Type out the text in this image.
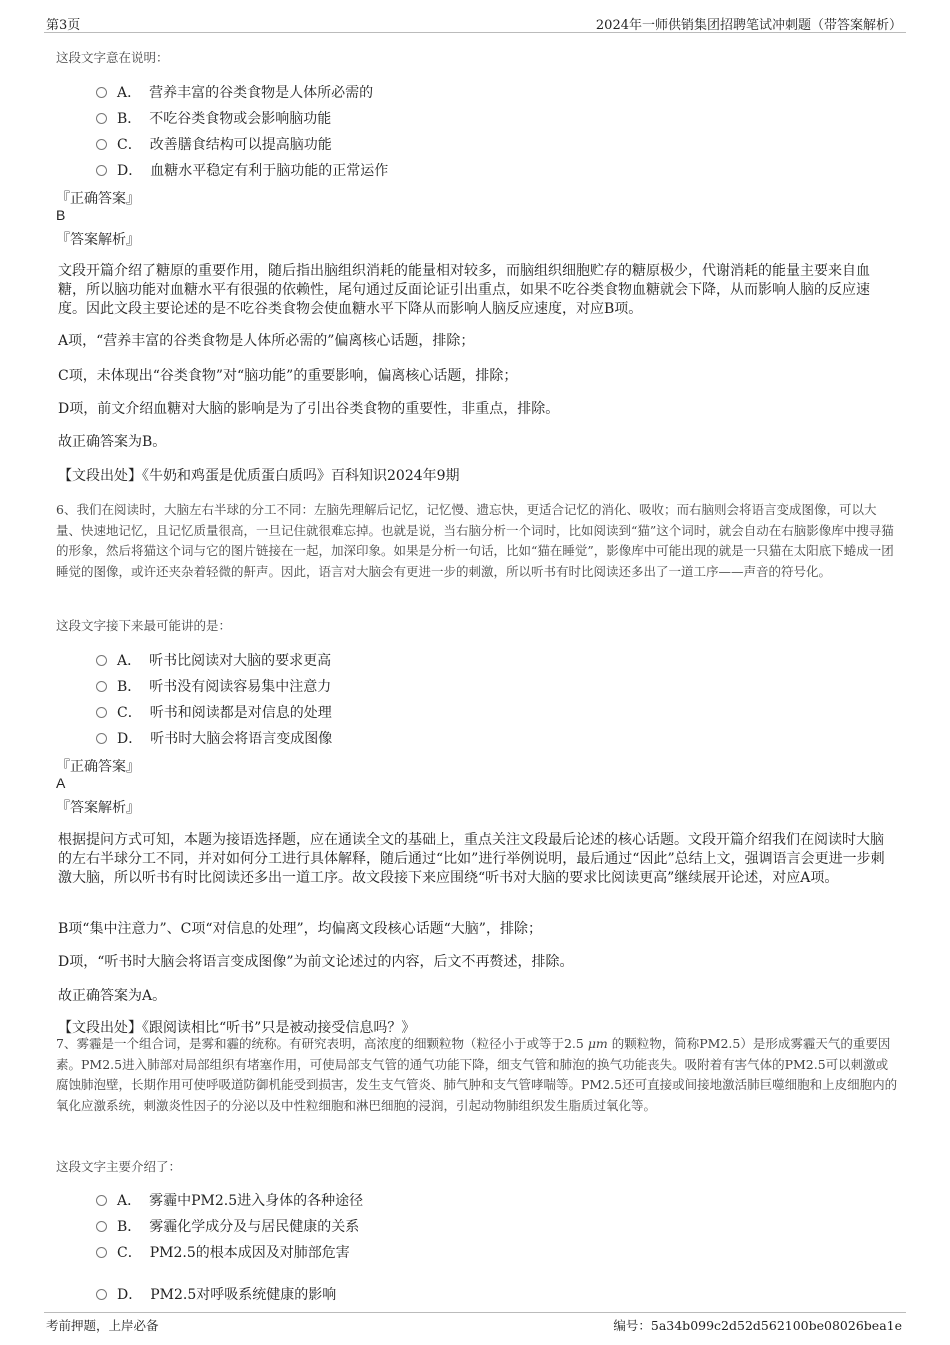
第3页	2024年一师供销集团招聘笔试冲刺题（带答案解析）
这段文字意在说明：
A． 营养丰富的谷类食物是人体所必需的
B． 不吃谷类食物或会影响脑功能
C． 改善膳食结构可以提高脑功能
D． 血糖水平稳定有利于脑功能的正常运作
『正确答案』
B
『答案解析』
文段开篇介绍了糖原的重要作用，随后指出脑组织消耗的能量相对较多，而脑组织细胞贮存的糖原极少，代谢消耗的能量主要来自血糖，所以脑功能对血糖水平有很强的依赖性，尾句通过反面论证引出重点，如果不吃谷类食物血糖就会下降，从而影响人脑的反应速度。因此文段主要论述的是不吃谷类食物会使血糖水平下降从而影响人脑反应速度，对应B项。
A项，“营养丰富的谷类食物是人体所必需的”偏离核心话题，排除；
C项，未体现出“谷类食物”对“脑功能”的重要影响，偏离核心话题，排除；
D项，前文介绍血糖对大脑的影响是为了引出谷类食物的重要性，非重点，排除。
故正确答案为B。
【文段出处】《牛奶和鸡蛋是优质蛋白质吗》百科知识2024年9期
6、我们在阅读时，大脑左右半球的分工不同：左脑先理解后记忆，记忆慢、遗忘快，更适合记忆的消化、吸收；而右脑则会将语言变成图像，可以大量、快速地记忆，且记忆质量很高，一旦记住就很难忘掉。也就是说，当右脑分析一个词时，比如阅读到“猫”这个词时，就会自动在右脑影像库中搜寻猫的形象，然后将猫这个词与它的图片链接在一起，加深印象。如果是分析一句话，比如“猫在睡觉”，影像库中可能出现的就是一只猫在太阳底下蜷成一团睡觉的图像，或许还夹杂着轻微的鼾声。因此，语言对大脑会有更进一步的刺激，所以听书有时比阅读还多出了一道工序——声音的符号化。
这段文字接下来最可能讲的是：
A． 听书比阅读对大脑的要求更高
B． 听书没有阅读容易集中注意力
C． 听书和阅读都是对信息的处理
D． 听书时大脑会将语言变成图像
『正确答案』
A
『答案解析』
根据提问方式可知，本题为接语选择题，应在通读全文的基础上，重点关注文段最后论述的核心话题。文段开篇介绍我们在阅读时大脑的左右半球分工不同，并对如何分工进行具体解释，随后通过“比如”进行举例说明，最后通过“因此”总结上文，强调语言会更进一步刺激大脑，所以听书有时比阅读还多出一道工序。故文段接下来应围绕“听书对大脑的要求比阅读更高”继续展开论述，对应A项。
B项“集中注意力”、C项“对信息的处理”，均偏离文段核心话题“大脑”，排除；
D项，“听书时大脑会将语言变成图像”为前文论述过的内容，后文不再赘述，排除。
故正确答案为A。
【文段出处】《跟阅读相比“听书”只是被动接受信息吗？》
7、雾霾是一个组合词，是雾和霾的统称。有研究表明，高浓度的细颗粒物（粒径小于或等于2.5 μm 的颗粒物，简称PM2.5）是形成雾霾天气的重要因素。PM2.5进入肺部对局部组织有堵塞作用，可使局部支气管的通气功能下降，细支气管和肺泡的换气功能丧失。吸附着有害气体的PM2.5可以刺激或腐蚀肺泡壁，长期作用可使呼吸道防御机能受到损害，发生支气管炎、肺气肿和支气管哮喘等。PM2.5还可直接或间接地激活肺巨噬细胞和上皮细胞内的氧化应激系统，刺激炎性因子的分泌以及中性粒细胞和淋巴细胞的浸润，引起动物肺组织发生脂质过氧化等。
这段文字主要介绍了：
A． 雾霾中PM2.5进入身体的各种途径
B． 雾霾化学成分及与居民健康的关系
C． PM2.5的根本成因及对肺部危害
D． PM2.5对呼吸系统健康的影响
考前押题，上岸必备	编号：5a34b099c2d52d562100be08026bea1e
